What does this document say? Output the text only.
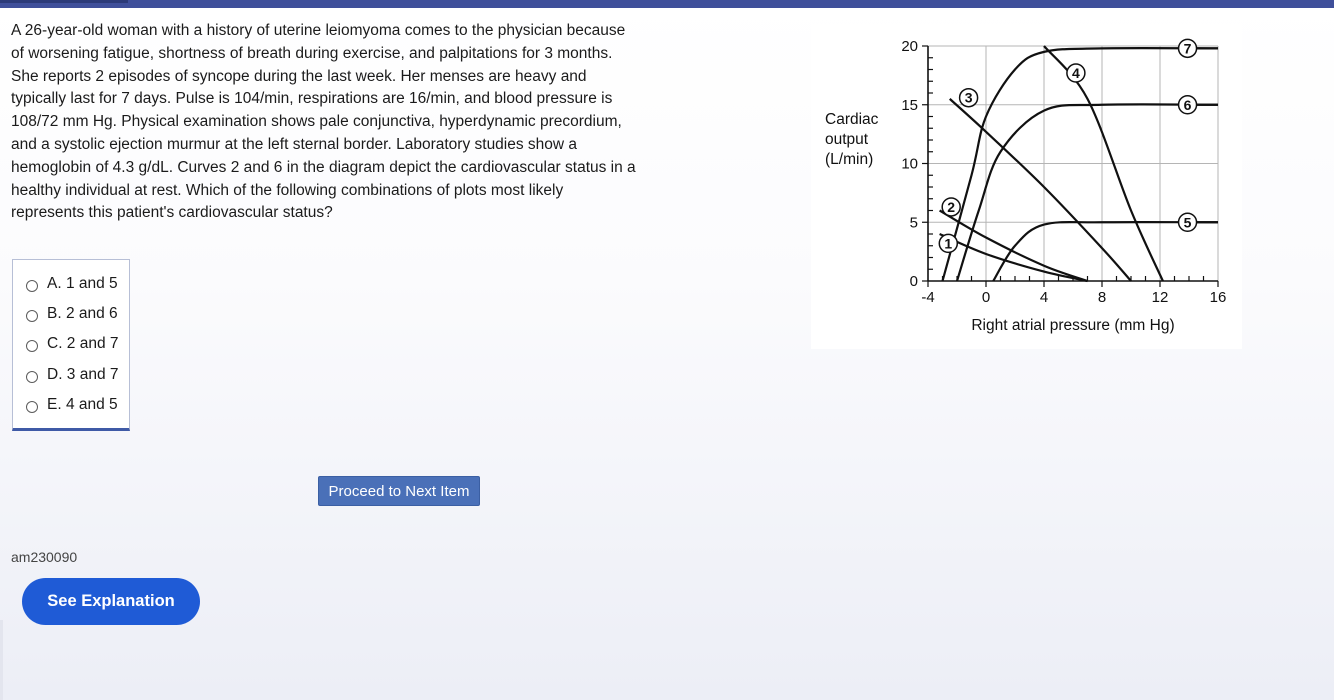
A 26-year-old woman with a history of uterine leiomyoma comes to the physician because
of worsening fatigue, shortness of breath during exercise, and palpitations for 3 months.
She reports 2 episodes of syncope during the last week. Her menses are heavy and
typically last for 7 days. Pulse is 104/min, respirations are 16/min, and blood pressure is
108/72 mm Hg. Physical examination shows pale conjunctiva, hyperdynamic precordium,
and a systolic ejection murmur at the left sternal border. Laboratory studies show a
hemoglobin of 4.3 g/dL. Curves 2 and 6 in the diagram depict the cardiovascular status in a
healthy individual at rest. Which of the following combinations of plots most likely
represents this patient's cardiovascular status?
A. 1 and 5
B. 2 and 6
C. 2 and 7
D. 3 and 7
E. 4 and 5
20
15
10
5
0
-4	0	4	8	12	16
1
2
3
4
5
6
7
Cardiac
output
(L/min)
Right atrial pressure (mm Hg)
Proceed to Next Item
am230090
See Explanation
